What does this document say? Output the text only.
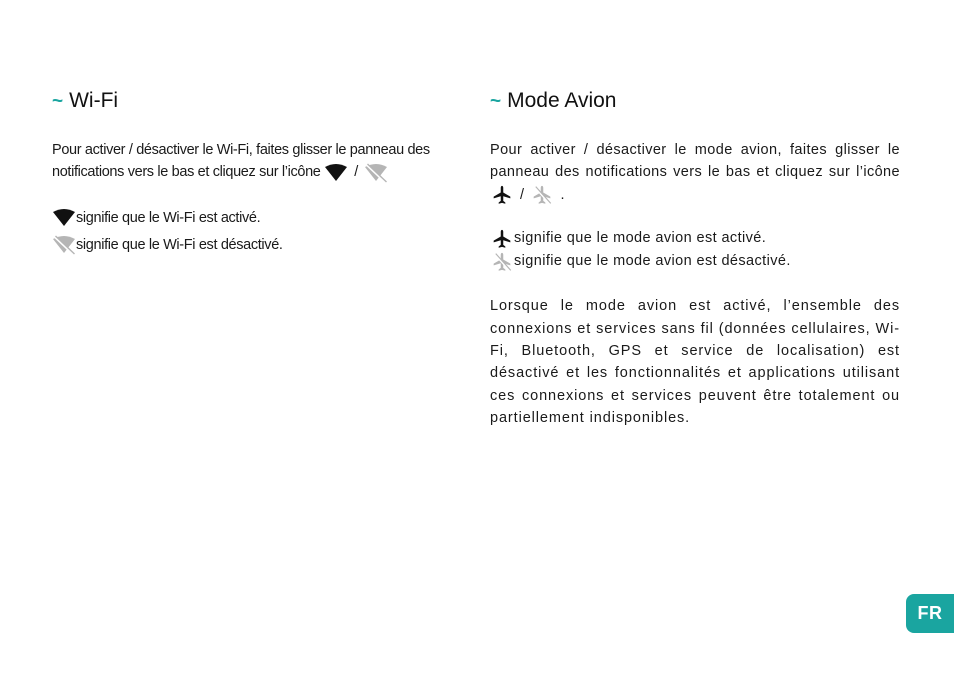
~ Wi-Fi

Pour activer / désactiver le Wi-Fi, faites glisser le panneau des notifications vers le bas et cliquez sur l’icône /

signifie que le Wi-Fi est activé.
signifie que le Wi-Fi est désactivé.
~ Mode Avion

Pour activer / désactiver le mode avion, faites glisser le panneau des notifications vers le bas et cliquez sur l’icône
/ .

signifie que le mode avion est activé.
signifie que le mode avion est désactivé.

Lorsque le mode avion est activé, l’ensemble des connexions et services sans fil (données cellulaires, Wi-Fi, Bluetooth, GPS et service de localisation) est désactivé et les fonctionnalités et applications utilisant ces connexions et services peuvent être totalement ou partiellement indisponibles.

FR
